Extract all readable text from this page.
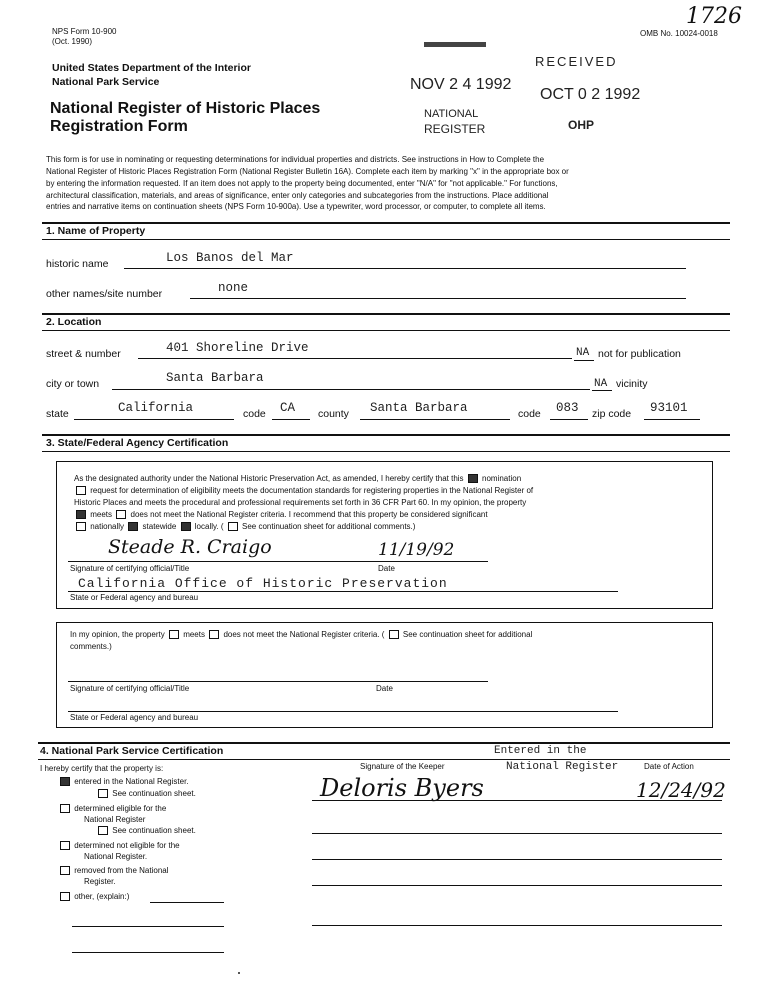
NPS Form 10-900
(Oct. 1990)
OMB No. 10024-0018
1726
United States Department of the Interior
National Park Service
National Register of Historic Places
Registration Form
RECEIVED
NOV 2 4 1992
NATIONAL
REGISTER
OCT 0 2 1992
OHP
This form is for use in nominating or requesting determinations for individual properties and districts. See instructions in How to Complete the
National Register of Historic Places Registration Form (National Register Bulletin 16A). Complete each item by marking "x" in the appropriate box or
by entering the information requested. If an item does not apply to the property being documented, enter "N/A" for "not applicable." For functions,
architectural classification, materials, and areas of significance, enter only categories and subcategories from the instructions. Place additional
entries and narrative items on continuation sheets (NPS Form 10-900a). Use a typewriter, word processor, or computer, to complete all items.
1. Name of Property
historic name	Los Banos del Mar
other names/site number	none
2. Location
street & number	401 Shoreline Drive	NA not for publication
city or town	Santa Barbara	NA vicinity
state	California	code CA county Santa Barbara	code 083 zip code 93101
3. State/Federal Agency Certification
As the designated authority under the National Historic Preservation Act, as amended, I hereby certify that this nomination
request for determination of eligibility meets the documentation standards for registering properties in the National Register of
Historic Places and meets the procedural and professional requirements set forth in 36 CFR Part 60. In my opinion, the property
meets does not meet the National Register criteria. I recommend that this property be considered significant
nationally statewide locally. ( See continuation sheet for additional comments.)
Steade R. Craigo	11/19/92
Signature of certifying official/Title	Date
California Office of Historic Preservation
State or Federal agency and bureau
In my opinion, the property meets does not meet the National Register criteria. ( See continuation sheet for additional
comments.)
Signature of certifying official/Title	Date
State or Federal agency and bureau
4. National Park Service Certification
I hereby certify that the property is:	Signature of the Keeper	Date of Action
Entered in the
National Register
Deloris Byers	12/24/92
entered in the National Register.
See continuation sheet.
determined eligible for the
National Register
See continuation sheet.
determined not eligible for the
National Register.
removed from the National
Register.
other, (explain:)
